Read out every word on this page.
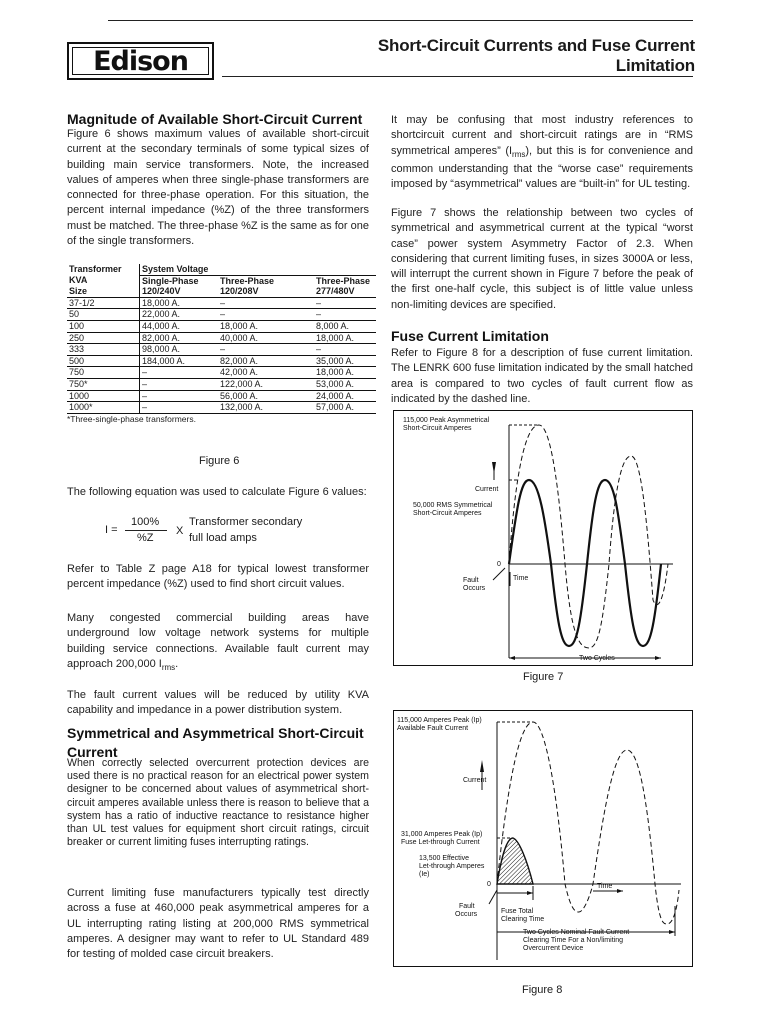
Edison	Short-Circuit Currents and Fuse Current Limitation
Magnitude of Available Short-Circuit Current

Figure 6 shows maximum values of available short-circuit current at the secondary terminals of some typical sizes of building main service transformers. Note, the increased values of amperes when three single-phase transformers are connected for three-phase operation. For this situation, the percent internal impedance (%Z) of the three transformers must be matched. The three-phase %Z is the same as for one of the single transformers.

Transformer	System Voltage		
KVA	Single-Phase	Three-Phase	Three-Phase
Size	120/240V	120/208V	277/480V
37-1/2	18,000 A.	–	–
50	22,000 A.	–	–
100	44,000 A.	18,000 A.	8,000 A.
250	82,000 A.	40,000 A.	18,000 A.
333	98,000 A.	–	–
500	184,000 A.	82,000 A.	35,000 A.
750	–	42,000 A.	18,000 A.
750*	–	122,000 A.	53,000 A.
1000	–	56,000 A.	24,000 A.
1000*	–	132,000 A.	57,000 A.
*Three-single-phase transformers.
Figure 6

The following equation was used to calculate Figure 6 values:

I =
100%
%Z
X
Transformer secondary
full load amps

Refer to Table Z page A18 for typical lowest transformer percent impedance (%Z) used to find short circuit values.

Many congested commercial building areas have underground low voltage network systems for multiple building service connections. Available fault current may approach 200,000 $I_{rms}$.

The fault current values will be reduced by utility KVA capability and impedance in a power distribution system.

Symmetrical and Asymmetrical Short-Circuit Current

When correctly selected overcurrent protection devices are used there is no practical reason for an electrical power system designer to be concerned about values of asymmetrical short-circuit amperes available unless there is reason to believe that a system has a ratio of inductive reactance to resistance higher than UL test values for equipment short circuit ratings, circuit breaker or current limiting fuses interrupting ratings.

Current limiting fuse manufacturers typically test directly across a fuse at 460,000 peak asymmetrical amperes for a UL interrupting rating listing at 200,000 RMS symmetrical amperes. A designer may want to refer to UL Standard 489 for testing of molded case circuit breakers.

It may be confusing that most industry references to shortcircuit current and short-circuit ratings are in “RMS symmetrical amperes” $(I_{rms})$, but this is for convenience and common understanding that the “worse case” requirements imposed by “asymmetrical” values are “built-in” for UL testing.

Figure 7 shows the relationship between two cycles of symmetrical and asymmetrical current at the typical “worst case” power system Asymmetry Factor of 2.3. When considering that current limiting fuses, in sizes 3000A or less, will interrupt the current shown in Figure 7 before the peak of the first one-half cycle, this subject is of little value unless non-limiting devices are specified.

Fuse Current Limitation

Refer to Figure 8 for a description of fuse current limitation. The LENRK 600 fuse limitation indicated by the small hatched area is compared to two cycles of fault current flow as indicated by the dashed line.

115,000 Peak Asymmetrical
Short-Circuit Amperes
Current
50,000 RMS Symmetrical
Short-Circuit Amperes
0
Fault
Occurs
Time
Two Cycles
Figure 7
115,000 Amperes Peak (Ip)
Available Fault Current
Current
31,000 Amperes Peak (Ip)
Fuse Let-through Current
13,500 Effective
Let-through Amperes
(Ie)
0	Time
Fault
Occurs	Fuse Total
Clearing Time
Two Cycles Nominal Fault Current
Clearing Time For a Non/limiting
Overcurrent Device
Figure 8
